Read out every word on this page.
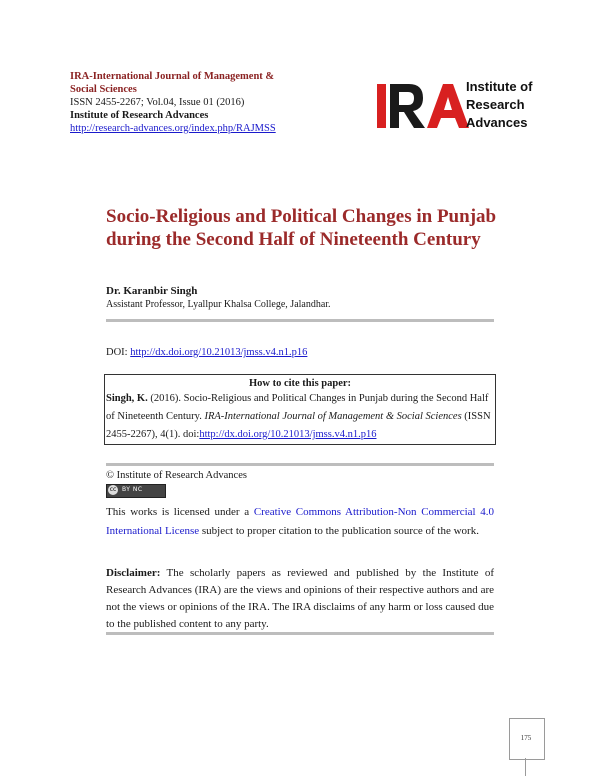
IRA-International Journal of Management & Social Sciences
ISSN 2455-2267; Vol.04, Issue 01 (2016)
Institute of Research Advances
http://research-advances.org/index.php/RAJMSS
Institute of
Research
Advances
Socio-Religious and Political Changes in Punjab during the Second Half of Nineteenth Century
Dr. Karanbir Singh
Assistant Professor, Lyallpur Khalsa College, Jalandhar.
DOI: http://dx.doi.org/10.21013/jmss.v4.n1.p16
How to cite this paper:
Singh, K. (2016). Socio-Religious and Political Changes in Punjab during the Second Half of Nineteenth Century. IRA-International Journal of Management & Social Sciences (ISSN 2455-2267), 4(1). doi:http://dx.doi.org/10.21013/jmss.v4.n1.p16
© Institute of Research Advances
cc BY NC
This works is licensed under a Creative Commons Attribution-Non Commercial 4.0 International License subject to proper citation to the publication source of the work.
Disclaimer: The scholarly papers as reviewed and published by the Institute of Research Advances (IRA) are the views and opinions of their respective authors and are not the views or opinions of the IRA. The IRA disclaims of any harm or loss caused due to the published content to any party.
175
